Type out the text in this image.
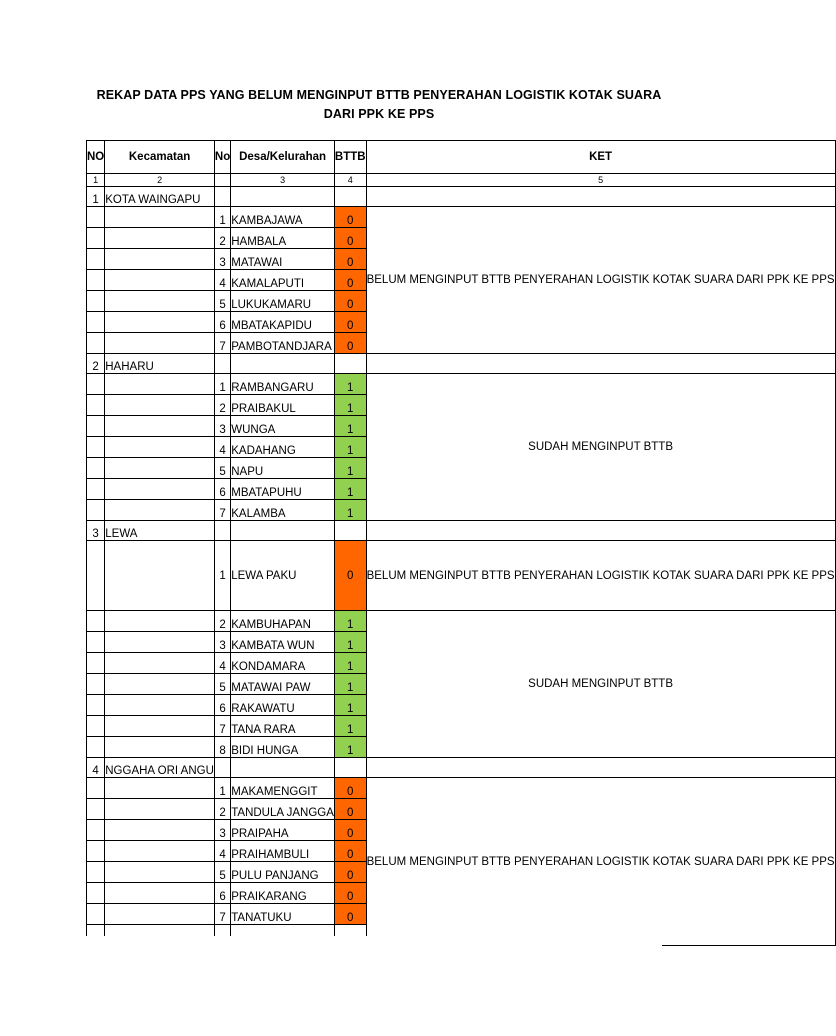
REKAP DATA PPS YANG BELUM MENGINPUT BTTB PENYERAHAN LOGISTIK KOTAK SUARA DARI PPK KE PPS
NO	Kecamatan	No	Desa/Kelurahan	BTTB	KET
1	2		3	4	5
1	KOTA WAINGAPU				
		1	KAMBAJAWA	0	BELUM MENGINPUT BTTB PENYERAHAN LOGISTIK KOTAK SUARA DARI PPK KE PPS
		2	HAMBALA	0	
		3	MATAWAI	0	
		4	KAMALAPUTI	0	
		5	LUKUKAMARU	0	
		6	MBATAKAPIDU	0	
		7	PAMBOTANDJARA	0	
2	HAHARU				
		1	RAMBANGARU	1	SUDAH MENGINPUT BTTB
		2	PRAIBAKUL	1	
		3	WUNGA	1	
		4	KADAHANG	1	
		5	NAPU	1	
		6	MBATAPUHU	1	
		7	KALAMBA	1	
3	LEWA				
		1	LEWA PAKU	0	BELUM MENGINPUT BTTB PENYERAHAN LOGISTIK KOTAK SUARA DARI PPK KE PPS
		2	KAMBUHAPAN	1	SUDAH MENGINPUT BTTB
		3	KAMBATA WUN	1	
		4	KONDAMARA	1	
		5	MATAWAI PAW	1	
		6	RAKAWATU	1	
		7	TANA RARA	1	
		8	BIDI HUNGA	1	
4	NGGAHA ORI ANGU				
		1	MAKAMENGGIT	0	BELUM MENGINPUT BTTB PENYERAHAN LOGISTIK KOTAK SUARA DARI PPK KE PPS
		2	TANDULA JANGGA	0	
		3	PRAIPAHA	0	
		4	PRAIHAMBULI	0	
		5	PULU PANJANG	0	
		6	PRAIKARANG	0	
		7	TANATUKU	0	
